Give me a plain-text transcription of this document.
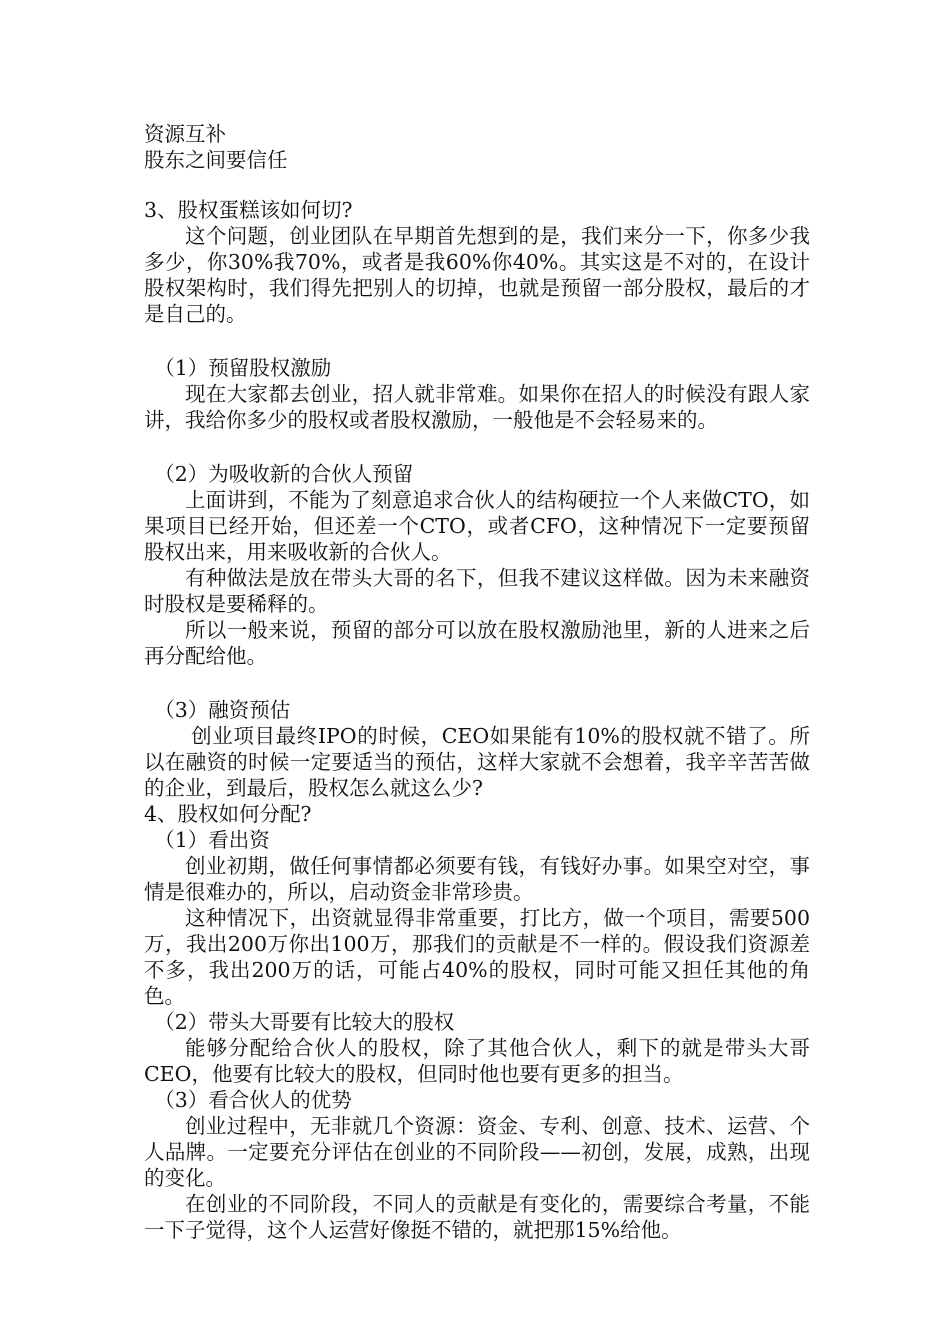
资源互补

股东之间要信任

3、股权蛋糕该如何切?

这个问题，创业团队在早期首先想到的是，我们来分一下，你多少我多少，你30%我70%，或者是我60%你40%。其实这是不对的，在设计股权架构时，我们得先把别人的切掉，也就是预留一部分股权，最后的才是自己的。

（1）预留股权激励

现在大家都去创业，招人就非常难。如果你在招人的时候没有跟人家讲，我给你多少的股权或者股权激励，一般他是不会轻易来的。

（2）为吸收新的合伙人预留

上面讲到，不能为了刻意追求合伙人的结构硬拉一个人来做CTO，如果项目已经开始，但还差一个CTO，或者CFO，这种情况下一定要预留股权出来，用来吸收新的合伙人。

有种做法是放在带头大哥的名下，但我不建议这样做。因为未来融资时股权是要稀释的。

所以一般来说，预留的部分可以放在股权激励池里，新的人进来之后再分配给他。

（3）融资预估

创业项目最终IPO的时候，CEO如果能有10%的股权就不错了。所以在融资的时候一定要适当的预估，这样大家就不会想着，我辛辛苦苦做的企业，到最后，股权怎么就这么少?

4、股权如何分配?

（1）看出资

创业初期，做任何事情都必须要有钱，有钱好办事。如果空对空，事情是很难办的，所以，启动资金非常珍贵。

这种情况下，出资就显得非常重要，打比方，做一个项目，需要500万，我出200万你出100万，那我们的贡献是不一样的。假设我们资源差不多，我出200万的话，可能占40%的股权，同时可能又担任其他的角色。

（2）带头大哥要有比较大的股权

能够分配给合伙人的股权，除了其他合伙人，剩下的就是带头大哥CEO，他要有比较大的股权，但同时他也要有更多的担当。

（3）看合伙人的优势

创业过程中，无非就几个资源：资金、专利、创意、技术、运营、个人品牌。一定要充分评估在创业的不同阶段——初创，发展，成熟，出现的变化。

在创业的不同阶段，不同人的贡献是有变化的，需要综合考量，不能一下子觉得，这个人运营好像挺不错的，就把那15%给他。
